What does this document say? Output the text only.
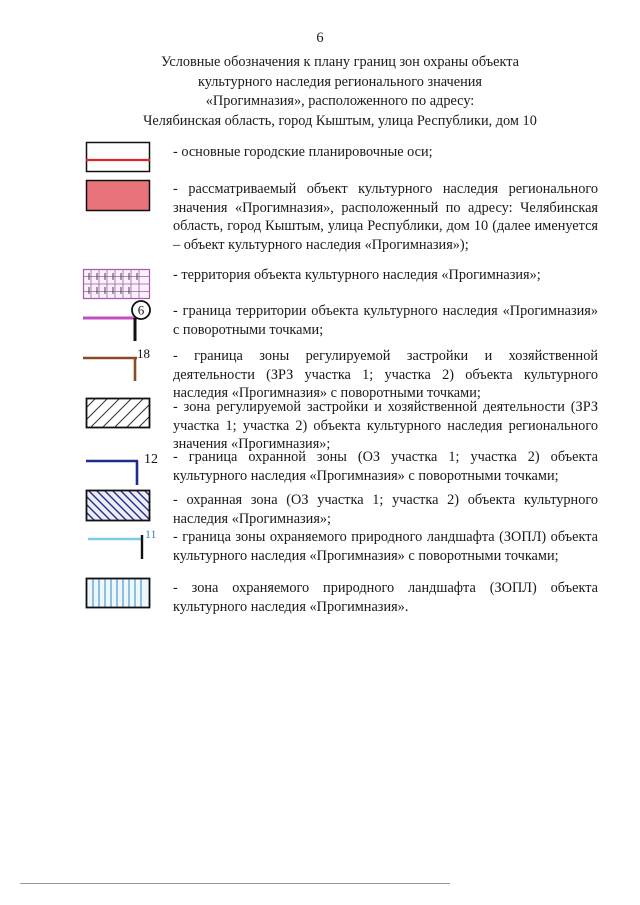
6
Условные обозначения к плану границ зон охраны объекта
культурного наследия регионального значения
«Прогимназия», расположенного по адресу:
Челябинская область, город Кыштым, улица Республики, дом 10
- основные городские планировочные оси;
- рассматриваемый объект культурного наследия регионального значения «Прогимназия», расположенный по адресу: Челябинская область, город Кыштым, улица Республики, дом 10 (далее именуется – объект культурного наследия «Прогимназия»);
- территория объекта культурного наследия «Прогимназия»;
6 - граница территории объекта культурного наследия «Прогимназия» с поворотными точками;
18 - граница зоны регулируемой застройки и хозяйственной деятельности (ЗРЗ участка 1; участка 2) объекта культурного наследия «Прогимназия» с поворотными точками;
- зона регулируемой застройки и хозяйственной деятельности (ЗРЗ участка 1; участка 2) объекта культурного наследия регионального значения «Прогимназия»;
12 - граница охранной зоны (ОЗ участка 1; участка 2) объекта культурного наследия «Прогимназия» с поворотными точками;
- охранная зона (ОЗ участка 1; участка 2) объекта культурного наследия «Прогимназия»;
11 - граница зоны охраняемого природного ландшафта (ЗОПЛ) объекта культурного наследия «Прогимназия» с поворотными точками;
- зона охраняемого природного ландшафта (ЗОПЛ) объекта культурного наследия «Прогимназия».
